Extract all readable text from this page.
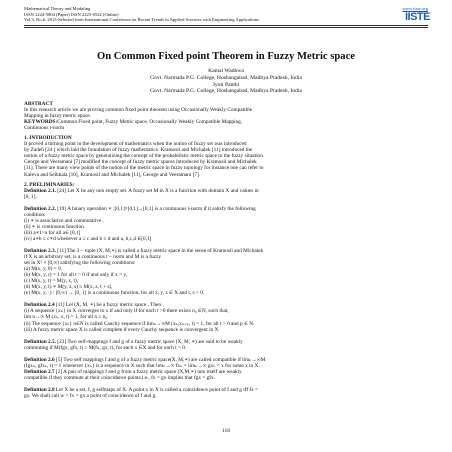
Mathematical Theory and Modeling
ISSN 2224-5804 (Paper) ISSN 2225-0522 (Online)
Vol.3, No.6, 2013-Selected from International Conference on Recent Trends in Applied Sciences with Engineering Applications
www.iiste.org
IISTE
On Common Fixed point Theorem in Fuzzy Metric space
Kamal Wadhwa
Govt. Narmada P.G. College, Hoshangabad, Madhya Pradesh, India
Jyoti Panthi
Govt. Narmada P.G. College, Hoshangabad, Madhya Pradesh, India
ABSTRACT
In this research article we are proving common fixed point theorem using Occasionally Weakly Compatible
Mapping in fuzzy metric space.
KEYWORDS:Common Fixed point, Fuzzy Metric space, Occasionally Weakly Compatible Mapping,
Continuous t-norm
1. INTRODUCTION
It proved a turning point in the development of mathematics when the notion of fuzzy set was introduced
by Zadeh [24 ] which laid the foundation of fuzzy mathematics. Kramosil and Michalek [11] introduced the
notion of a fuzzy metric space by generalizing the concept of the probabilistic metric space to the fuzzy situation.
George and Veeramani [7] modified the concept of fuzzy metric spaces introduced by Kramosil and Michalek
[11]. There are many view points of the notion of the metric space in fuzzy topology for instance one can refer to
Kaleva and Seikkala [10], Kramosil and Michalek [11], George and Veeramani [7].
2. PRELIMINARIES:
Definition 2.1. [24] Let X be any non empty set. A fuzzy set M in X is a function with domain X and values in
[0, 1].
Definition 2.2. [19] A binary operation ∗ :[0,1]×[0,1]→[0,1] is a continuous t-norm if it satisfy the following
condition:
(i) ∗ is associative and commutative .
(ii) ∗ is continuous function.
(iii) a∗1=a for all a∈ [0,1]
(iv) a∗b ≤ c∗d whenever a ≤ c and b ≤ d and a, b,c,d ∈[0,1]
Definition 2.3. [11] The 3 − tuple (X, M,∗) is called a fuzzy metric space in the sense of Kramosil and Michalek
if X is an arbitrary set, is a continuous t − norm and M is a fuzzy
set in X² × [0,∞) satisfying the following conditions:
(a) M(x, y, 0) = 0,
(b) M(x, y, t) = 1 for all t > 0 if and only if x = y,
(c) M(x, y, t) = M(y, x, t),
(d) M(x, y, t) ∗ M(y, z, s) ≤ M(x, z, t + s),
(e) M(x, y, ·) : [0,∞) → [0, 1] is a continuous function, for all x, y, z ∈ X and t, s > 0.
Definition 2.4 [11] Let (X, M, ∗) be a fuzzy metric space . Then
(i) A sequence {xₙ} in X converges to x if and only if for each t >0 there exists n₀ ∈N, such that,
lim n→∞ M (xₙ, x, t) = 1, for all n ≥ n₀.
(ii) The sequence {xₙ} n∈N is called Cauchy sequence if limₙ→∞M (xₙ,xₙ₊ₚ, t) = 1, for all t > 0 and p ∈ N.
(iii) A fuzzy metric space X is called complete if every Cauchy sequence is convergent in X.
Definition 2.5. [23] Two self-mappings f and g of a fuzzy metric space (X, M, ∗) are said to be weakly
commuting if M(fgx, gfx, t) ≥ M(fx, gx, t), for each x ∈X and for each t > 0.
Definition 2.6 [5] Two self mappings f and g of a fuzzy metric space(X, M,∗) are called compatible if limₙ→∞M
(fgxₙ, gfxₙ, t) = 1 whenever {xₙ} is a sequence in X such that limₙ→∞ fxₙ = limₙ→∞ gxₙ = x for some x in X.
Definition 2.7 [2] A pair of mappings f and g from a fuzzy metric space (X,M,∗) into itself are weakly
compatible if they commute at their coincidence points,i.e., fx = gx implies that fgx = gfx.
Definition 2.8 Let X be a set, f, g selfmaps of X. A point x in X is called a coincidence point of f and g iff fx =
gx. We shall call w = fx = gx a point of coincidence of f and g.
118
